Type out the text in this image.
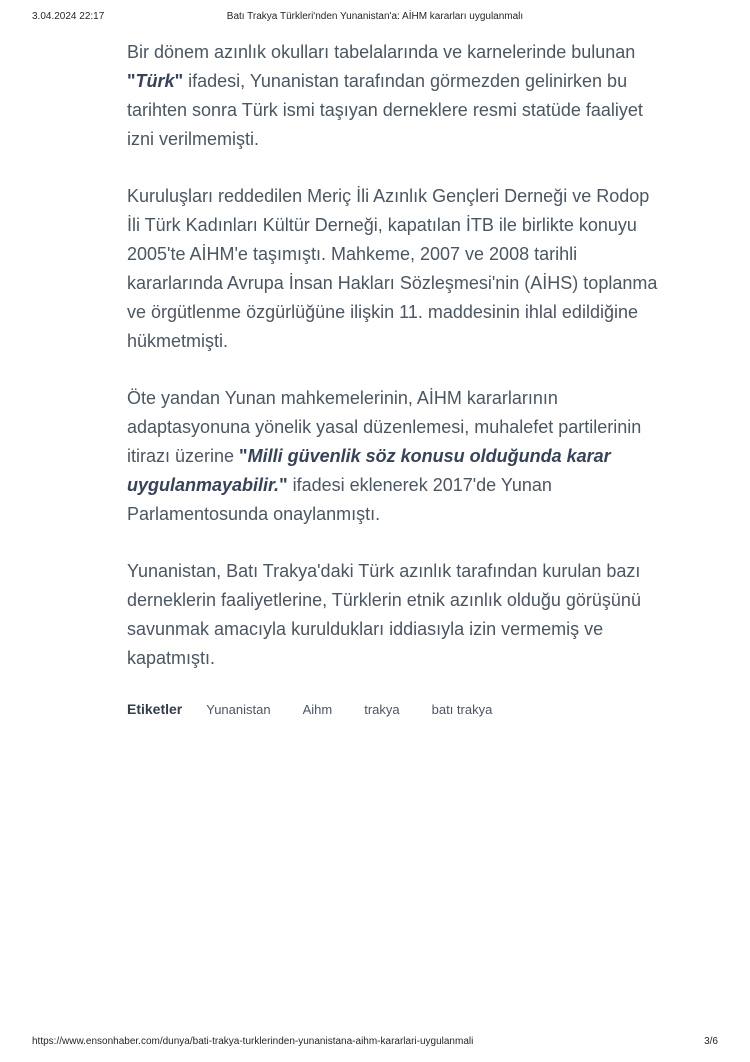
3.04.2024 22:17	Batı Trakya Türkleri'nden Yunanistan'a: AİHM kararları uygulanmalı

Bir dönem azınlık okulları tabelalarında ve karnelerinde bulunan "Türk" ifadesi, Yunanistan tarafından görmezden gelinirken bu tarihten sonra Türk ismi taşıyan derneklere resmi statüde faaliyet izni verilmemişti.

Kuruluşları reddedilen Meriç İli Azınlık Gençleri Derneği ve Rodop İli Türk Kadınları Kültür Derneği, kapatılan İTB ile birlikte konuyu 2005'te AİHM'e taşımıştı. Mahkeme, 2007 ve 2008 tarihli kararlarında Avrupa İnsan Hakları Sözleşmesi'nin (AİHS) toplanma ve örgütlenme özgürlüğüne ilişkin 11. maddesinin ihlal edildiğine hükmetmişti.

Öte yandan Yunan mahkemelerinin, AİHM kararlarının adaptasyonuna yönelik yasal düzenlemesi, muhalefet partilerinin itirazı üzerine "Milli güvenlik söz konusu olduğunda karar uygulanmayabilir." ifadesi eklenerek 2017'de Yunan Parlamentosunda onaylanmıştı.

Yunanistan, Batı Trakya'daki Türk azınlık tarafından kurulan bazı derneklerin faaliyetlerine, Türklerin etnik azınlık olduğu görüşünü savunmak amacıyla kuruldukları iddiasıyla izin vermemiş ve kapatmıştı.

Etiketler Yunanistan Aihm trakya batı trakya
https://www.ensonhaber.com/dunya/bati-trakya-turklerinden-yunanistana-aihm-kararlari-uygulanmali	3/6
